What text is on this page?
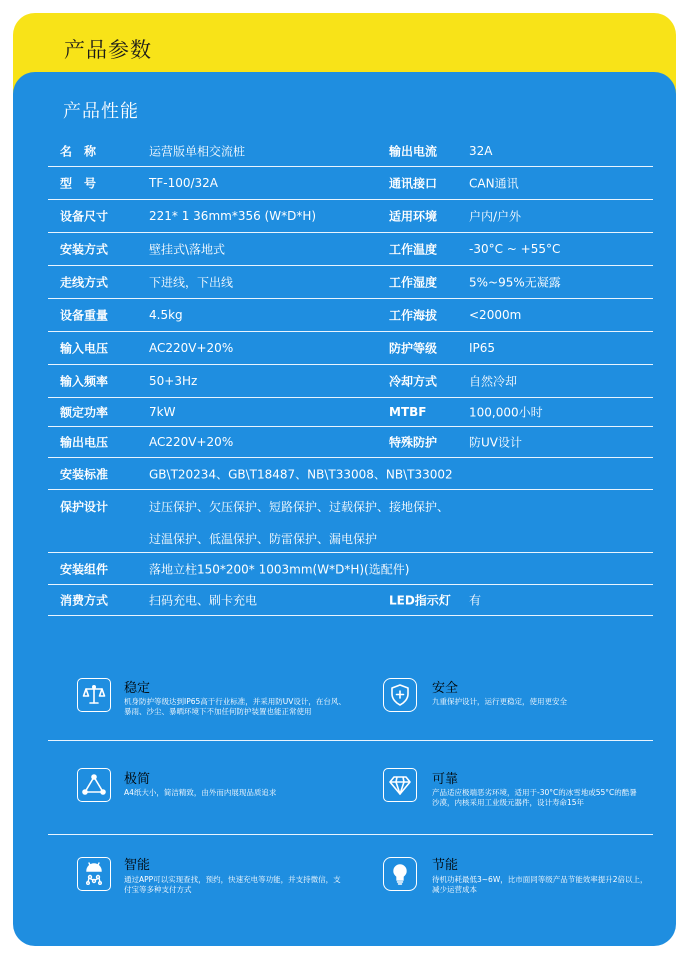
产品参数
产品性能
名　称	运营版单相交流桩	输出电流	32A
型　号	TF-100/32A	通讯接口	CAN通讯
设备尺寸	221* 1 36mm*356 (W*D*H)	适用环境	户内/户外
安装方式	壁挂式\落地式	工作温度	-30°C ~ +55°C
走线方式	下进线，下出线	工作湿度	5%~95%无凝露
设备重量	4.5kg	工作海拔	<2000m
输入电压	AC220V+20%	防护等级	IP65
输入频率	50+3Hz	冷却方式	自然冷却
额定功率	7kW	MTBF	100,000小时
输出电压	AC220V+20%	特殊防护	防UV设计
安装标准	GB\T20234、GB\T18487、NB\T33008、NB\T33002
保护设计	过压保护、欠压保护、短路保护、过载保护、接地保护、
过温保护、低温保护、防雷保护、漏电保护
安装组件	落地立柱150*200* 1003mm(W*D*H)(选配件)
消费方式	扫码充电、刷卡充电	LED指示灯 有
稳定
机身防护等级达到IP65高于行业标准，并采用防UV设计，在台风、暴雨、沙尘、暴晒环境下不加任何防护装置也能正常使用
安全
九重保护设计，运行更稳定，使用更安全
极简
A4纸大小，简洁精致，由外而内展现品质追求
可靠
产品适应极端恶劣环境，适用于-30°C的冰雪地或55°C的酷暑沙漠，内核采用工业级元器件，设计寿命15年
智能
通过APP可以实现查找，预约，快速充电等功能，并支持微信，支付宝等多种支付方式
节能
待机功耗最低3~6W，比市面同等级产品节能效率提升2倍以上，减少运营成本
